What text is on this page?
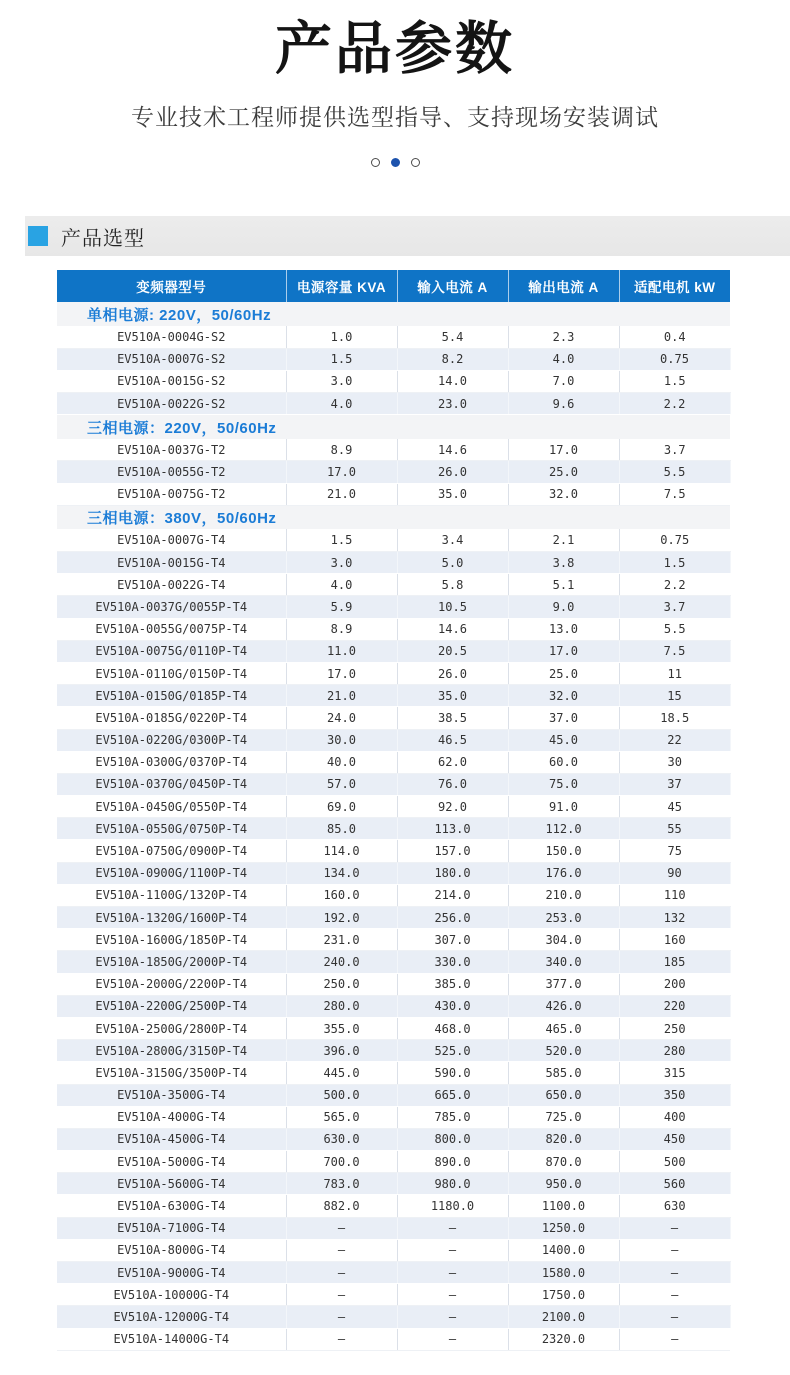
产品参数

专业技术工程师提供选型指导、支持现场安装调试

产品选型
变频器型号	电源容量 KVA	输入电流 A	输出电流 A	适配电机 kW
单相电源: 220V，50/60Hz				
EV510A-0004G-S2	1.0	5.4	2.3	0.4
EV510A-0007G-S2	1.5	8.2	4.0	0.75
EV510A-0015G-S2	3.0	14.0	7.0	1.5
EV510A-0022G-S2	4.0	23.0	9.6	2.2
三相电源：220V，50/60Hz				
EV510A-0037G-T2	8.9	14.6	17.0	3.7
EV510A-0055G-T2	17.0	26.0	25.0	5.5
EV510A-0075G-T2	21.0	35.0	32.0	7.5
三相电源：380V，50/60Hz				
EV510A-0007G-T4	1.5	3.4	2.1	0.75
EV510A-0015G-T4	3.0	5.0	3.8	1.5
EV510A-0022G-T4	4.0	5.8	5.1	2.2
EV510A-0037G/0055P-T4	5.9	10.5	9.0	3.7
EV510A-0055G/0075P-T4	8.9	14.6	13.0	5.5
EV510A-0075G/0110P-T4	11.0	20.5	17.0	7.5
EV510A-0110G/0150P-T4	17.0	26.0	25.0	11
EV510A-0150G/0185P-T4	21.0	35.0	32.0	15
EV510A-0185G/0220P-T4	24.0	38.5	37.0	18.5
EV510A-0220G/0300P-T4	30.0	46.5	45.0	22
EV510A-0300G/0370P-T4	40.0	62.0	60.0	30
EV510A-0370G/0450P-T4	57.0	76.0	75.0	37
EV510A-0450G/0550P-T4	69.0	92.0	91.0	45
EV510A-0550G/0750P-T4	85.0	113.0	112.0	55
EV510A-0750G/0900P-T4	114.0	157.0	150.0	75
EV510A-0900G/1100P-T4	134.0	180.0	176.0	90
EV510A-1100G/1320P-T4	160.0	214.0	210.0	110
EV510A-1320G/1600P-T4	192.0	256.0	253.0	132
EV510A-1600G/1850P-T4	231.0	307.0	304.0	160
EV510A-1850G/2000P-T4	240.0	330.0	340.0	185
EV510A-2000G/2200P-T4	250.0	385.0	377.0	200
EV510A-2200G/2500P-T4	280.0	430.0	426.0	220
EV510A-2500G/2800P-T4	355.0	468.0	465.0	250
EV510A-2800G/3150P-T4	396.0	525.0	520.0	280
EV510A-3150G/3500P-T4	445.0	590.0	585.0	315
EV510A-3500G-T4	500.0	665.0	650.0	350
EV510A-4000G-T4	565.0	785.0	725.0	400
EV510A-4500G-T4	630.0	800.0	820.0	450
EV510A-5000G-T4	700.0	890.0	870.0	500
EV510A-5600G-T4	783.0	980.0	950.0	560
EV510A-6300G-T4	882.0	1180.0	1100.0	630
EV510A-7100G-T4	–	–	1250.0	–
EV510A-8000G-T4	–	–	1400.0	–
EV510A-9000G-T4	–	–	1580.0	–
EV510A-10000G-T4	–	–	1750.0	–
EV510A-12000G-T4	–	–	2100.0	–
EV510A-14000G-T4	–	–	2320.0	–
